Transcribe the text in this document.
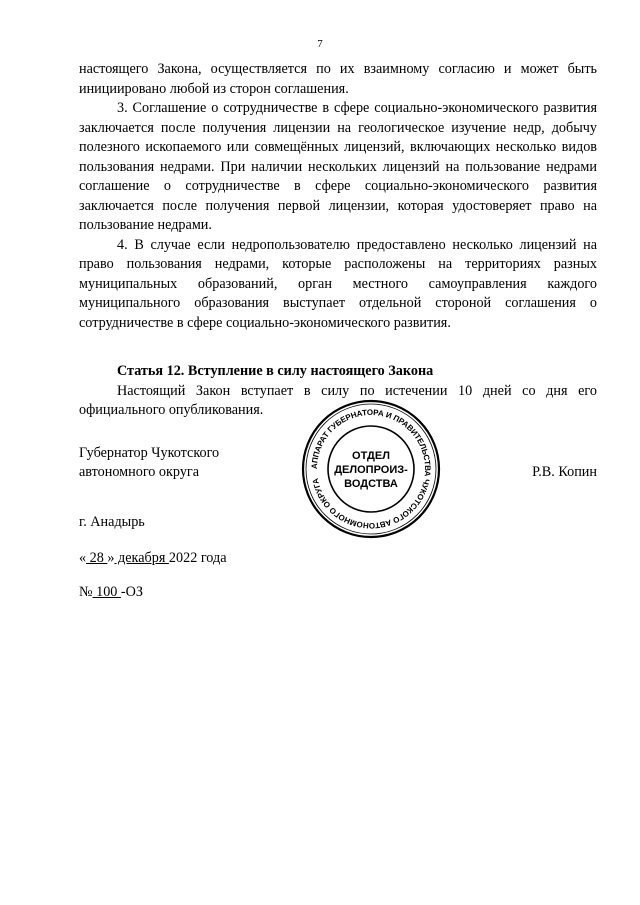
7

настоящего Закона, осуществляется по их взаимному согласию и может быть инициировано любой из сторон соглашения.

3. Соглашение о сотрудничестве в сфере социально-экономического развития заключается после получения лицензии на геологическое изучение недр, добычу полезного ископаемого или совмещённых лицензий, включающих несколько видов пользования недрами. При наличии нескольких лицензий на пользование недрами соглашение о сотрудничестве в сфере социально-экономического развития заключается после получения первой лицензии, которая удостоверяет право на пользование недрами.

4. В случае если недропользователю предоставлено несколько лицензий на право пользования недрами, которые расположены на территориях разных муниципальных образований, орган местного самоуправления каждого муниципального образования выступает отдельной стороной соглашения о сотрудничестве в сфере социально-экономического развития.

Статья 12. Вступление в силу настоящего Закона

Настоящий Закон вступает в силу по истечении 10 дней со дня его официального опубликования.

Губернатор Чукотского
автономного округа	Р.В. Копин
АППАРАТ ГУБЕРНАТОРА И ПРАВИТЕЛЬСТВА ЧУКОТСКОГО АВТОНОМНОГО ОКРУГА
ОТДЕЛ
ДЕЛОПРОИЗ-
ВОДСТВА
г. Анадырь
« 28 » декабря 2022 года
№ 100 -ОЗ
